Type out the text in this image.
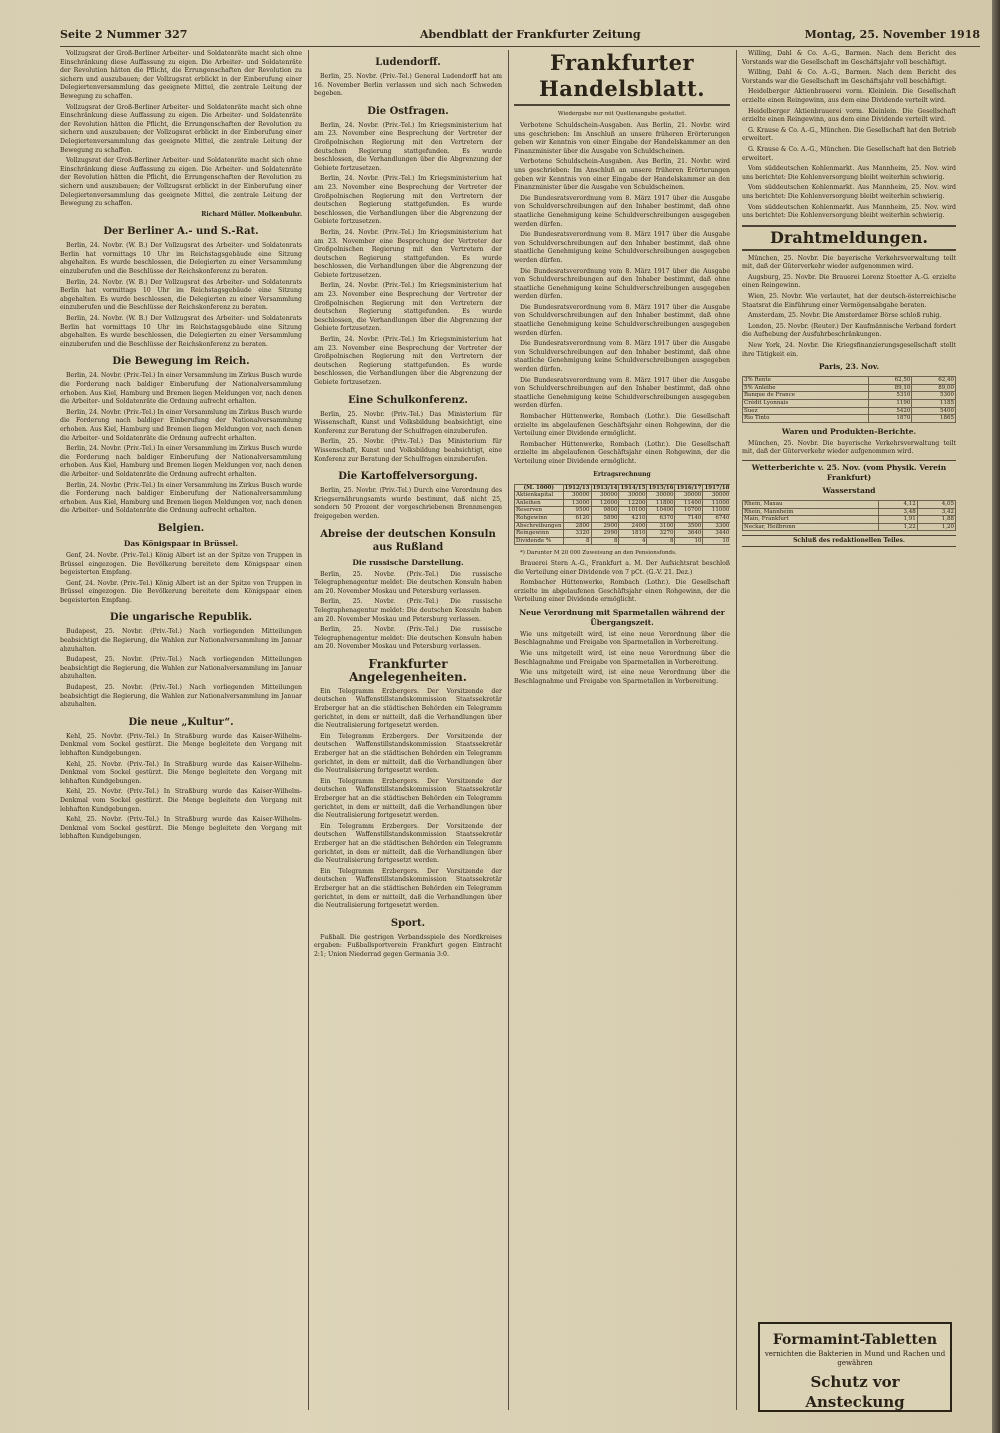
Seite 2 Nummer 327	Abendblatt der Frankfurter Zeitung	Montag, 25. November 1918

Vollzugsrat der Groß-Berliner Arbeiter- und Soldatenräte macht sich ohne Einschränkung diese Auffassung zu eigen. Die Arbeiter- und Soldatenräte der Revolution hätten die Pflicht, die Errungenschaften der Revolution zu sichern und auszubauen; der Vollzugsrat erblickt in der Einberufung einer Delegiertenversammlung das geeignete Mittel, die zentrale Leitung der Bewegung zu schaffen.

Vollzugsrat der Groß-Berliner Arbeiter- und Soldatenräte macht sich ohne Einschränkung diese Auffassung zu eigen. Die Arbeiter- und Soldatenräte der Revolution hätten die Pflicht, die Errungenschaften der Revolution zu sichern und auszubauen; der Vollzugsrat erblickt in der Einberufung einer Delegiertenversammlung das geeignete Mittel, die zentrale Leitung der Bewegung zu schaffen.

Vollzugsrat der Groß-Berliner Arbeiter- und Soldatenräte macht sich ohne Einschränkung diese Auffassung zu eigen. Die Arbeiter- und Soldatenräte der Revolution hätten die Pflicht, die Errungenschaften der Revolution zu sichern und auszubauen; der Vollzugsrat erblickt in der Einberufung einer Delegiertenversammlung das geeignete Mittel, die zentrale Leitung der Bewegung zu schaffen.

Richard Müller. Molkenbuhr.

Der Berliner A.- und S.-Rat.

Berlin, 24. Novbr. (W. B.) Der Vollzugsrat des Arbeiter- und Soldatenrats Berlin hat vormittags 10 Uhr im Reichstagsgebäude eine Sitzung abgehalten. Es wurde beschlossen, die Delegierten zu einer Versammlung einzuberufen und die Beschlüsse der Reichskonferenz zu beraten.

Berlin, 24. Novbr. (W. B.) Der Vollzugsrat des Arbeiter- und Soldatenrats Berlin hat vormittags 10 Uhr im Reichstagsgebäude eine Sitzung abgehalten. Es wurde beschlossen, die Delegierten zu einer Versammlung einzuberufen und die Beschlüsse der Reichskonferenz zu beraten.

Berlin, 24. Novbr. (W. B.) Der Vollzugsrat des Arbeiter- und Soldatenrats Berlin hat vormittags 10 Uhr im Reichstagsgebäude eine Sitzung abgehalten. Es wurde beschlossen, die Delegierten zu einer Versammlung einzuberufen und die Beschlüsse der Reichskonferenz zu beraten.

Die Bewegung im Reich.

Berlin, 24. Novbr. (Priv.-Tel.) In einer Versammlung im Zirkus Busch wurde die Forderung nach baldiger Einberufung der Nationalversammlung erhoben. Aus Kiel, Hamburg und Bremen liegen Meldungen vor, nach denen die Arbeiter- und Soldatenräte die Ordnung aufrecht erhalten.

Berlin, 24. Novbr. (Priv.-Tel.) In einer Versammlung im Zirkus Busch wurde die Forderung nach baldiger Einberufung der Nationalversammlung erhoben. Aus Kiel, Hamburg und Bremen liegen Meldungen vor, nach denen die Arbeiter- und Soldatenräte die Ordnung aufrecht erhalten.

Berlin, 24. Novbr. (Priv.-Tel.) In einer Versammlung im Zirkus Busch wurde die Forderung nach baldiger Einberufung der Nationalversammlung erhoben. Aus Kiel, Hamburg und Bremen liegen Meldungen vor, nach denen die Arbeiter- und Soldatenräte die Ordnung aufrecht erhalten.

Berlin, 24. Novbr. (Priv.-Tel.) In einer Versammlung im Zirkus Busch wurde die Forderung nach baldiger Einberufung der Nationalversammlung erhoben. Aus Kiel, Hamburg und Bremen liegen Meldungen vor, nach denen die Arbeiter- und Soldatenräte die Ordnung aufrecht erhalten.

Belgien.
Das Königspaar in Brüssel.

Genf, 24. Novbr. (Priv.-Tel.) König Albert ist an der Spitze von Truppen in Brüssel eingezogen. Die Bevölkerung bereitete dem Königspaar einen begeisterten Empfang.

Genf, 24. Novbr. (Priv.-Tel.) König Albert ist an der Spitze von Truppen in Brüssel eingezogen. Die Bevölkerung bereitete dem Königspaar einen begeisterten Empfang.

Die ungarische Republik.

Budapest, 25. Novbr. (Priv.-Tel.) Nach vorliegenden Mitteilungen beabsichtigt die Regierung, die Wahlen zur Nationalversammlung im Januar abzuhalten.

Budapest, 25. Novbr. (Priv.-Tel.) Nach vorliegenden Mitteilungen beabsichtigt die Regierung, die Wahlen zur Nationalversammlung im Januar abzuhalten.

Budapest, 25. Novbr. (Priv.-Tel.) Nach vorliegenden Mitteilungen beabsichtigt die Regierung, die Wahlen zur Nationalversammlung im Januar abzuhalten.

Die neue „Kultur“.

Kehl, 25. Novbr. (Priv.-Tel.) In Straßburg wurde das Kaiser-Wilhelm-Denkmal vom Sockel gestürzt. Die Menge begleitete den Vorgang mit lebhaften Kundgebungen.

Kehl, 25. Novbr. (Priv.-Tel.) In Straßburg wurde das Kaiser-Wilhelm-Denkmal vom Sockel gestürzt. Die Menge begleitete den Vorgang mit lebhaften Kundgebungen.

Kehl, 25. Novbr. (Priv.-Tel.) In Straßburg wurde das Kaiser-Wilhelm-Denkmal vom Sockel gestürzt. Die Menge begleitete den Vorgang mit lebhaften Kundgebungen.

Kehl, 25. Novbr. (Priv.-Tel.) In Straßburg wurde das Kaiser-Wilhelm-Denkmal vom Sockel gestürzt. Die Menge begleitete den Vorgang mit lebhaften Kundgebungen.

Ludendorff.

Berlin, 25. Novbr. (Priv.-Tel.) General Ludendorff hat am 16. November Berlin verlassen und sich nach Schweden begeben.

Die Ostfragen.

Berlin, 24. Novbr. (Priv.-Tel.) Im Kriegsministerium hat am 23. November eine Besprechung der Vertreter der Großpolnischen Regierung mit den Vertretern der deutschen Regierung stattgefunden. Es wurde beschlossen, die Verhandlungen über die Abgrenzung der Gebiete fortzusetzen.

Berlin, 24. Novbr. (Priv.-Tel.) Im Kriegsministerium hat am 23. November eine Besprechung der Vertreter der Großpolnischen Regierung mit den Vertretern der deutschen Regierung stattgefunden. Es wurde beschlossen, die Verhandlungen über die Abgrenzung der Gebiete fortzusetzen.

Berlin, 24. Novbr. (Priv.-Tel.) Im Kriegsministerium hat am 23. November eine Besprechung der Vertreter der Großpolnischen Regierung mit den Vertretern der deutschen Regierung stattgefunden. Es wurde beschlossen, die Verhandlungen über die Abgrenzung der Gebiete fortzusetzen.

Berlin, 24. Novbr. (Priv.-Tel.) Im Kriegsministerium hat am 23. November eine Besprechung der Vertreter der Großpolnischen Regierung mit den Vertretern der deutschen Regierung stattgefunden. Es wurde beschlossen, die Verhandlungen über die Abgrenzung der Gebiete fortzusetzen.

Berlin, 24. Novbr. (Priv.-Tel.) Im Kriegsministerium hat am 23. November eine Besprechung der Vertreter der Großpolnischen Regierung mit den Vertretern der deutschen Regierung stattgefunden. Es wurde beschlossen, die Verhandlungen über die Abgrenzung der Gebiete fortzusetzen.

Eine Schulkonferenz.

Berlin, 25. Novbr. (Priv.-Tel.) Das Ministerium für Wissenschaft, Kunst und Volksbildung beabsichtigt, eine Konferenz zur Beratung der Schulfragen einzuberufen.

Berlin, 25. Novbr. (Priv.-Tel.) Das Ministerium für Wissenschaft, Kunst und Volksbildung beabsichtigt, eine Konferenz zur Beratung der Schulfragen einzuberufen.

Die Kartoffelversorgung.

Berlin, 25. Novbr. (Priv.-Tel.) Durch eine Verordnung des Kriegsernährungsamts wurde bestimmt, daß nicht 25, sondern 50 Prozent der vorgeschriebenen Brennmengen freigegeben werden.

Abreise der deutschen Konsuln aus Rußland
Die russische Darstellung.

Berlin, 25. Novbr. (Priv.-Tel.) Die russische Telegraphenagentur meldet: Die deutschen Konsuln haben am 20. November Moskau und Petersburg verlassen.

Berlin, 25. Novbr. (Priv.-Tel.) Die russische Telegraphenagentur meldet: Die deutschen Konsuln haben am 20. November Moskau und Petersburg verlassen.

Berlin, 25. Novbr. (Priv.-Tel.) Die russische Telegraphenagentur meldet: Die deutschen Konsuln haben am 20. November Moskau und Petersburg verlassen.

Frankfurter Angelegenheiten.

Ein Telegramm Erzbergers. Der Vorsitzende der deutschen Waffenstillstandskommission Staatssekretär Erzberger hat an die städtischen Behörden ein Telegramm gerichtet, in dem er mitteilt, daß die Verhandlungen über die Neutralisierung fortgesetzt werden.

Ein Telegramm Erzbergers. Der Vorsitzende der deutschen Waffenstillstandskommission Staatssekretär Erzberger hat an die städtischen Behörden ein Telegramm gerichtet, in dem er mitteilt, daß die Verhandlungen über die Neutralisierung fortgesetzt werden.

Ein Telegramm Erzbergers. Der Vorsitzende der deutschen Waffenstillstandskommission Staatssekretär Erzberger hat an die städtischen Behörden ein Telegramm gerichtet, in dem er mitteilt, daß die Verhandlungen über die Neutralisierung fortgesetzt werden.

Ein Telegramm Erzbergers. Der Vorsitzende der deutschen Waffenstillstandskommission Staatssekretär Erzberger hat an die städtischen Behörden ein Telegramm gerichtet, in dem er mitteilt, daß die Verhandlungen über die Neutralisierung fortgesetzt werden.

Ein Telegramm Erzbergers. Der Vorsitzende der deutschen Waffenstillstandskommission Staatssekretär Erzberger hat an die städtischen Behörden ein Telegramm gerichtet, in dem er mitteilt, daß die Verhandlungen über die Neutralisierung fortgesetzt werden.

Sport.

Fußball. Die gestrigen Verbandsspiele des Nordkreises ergaben: Fußballsportverein Frankfurt gegen Eintracht 2:1; Union Niederrad gegen Germania 3:0.

Frankfurter Handelsblatt.
Wiedergabe nur mit Quellenangabe gestattet.

Verbotene Schuldschein-Ausgaben. Aus Berlin, 21. Novbr. wird uns geschrieben: Im Anschluß an unsere früheren Erörterungen geben wir Kenntnis von einer Eingabe der Handelskammer an den Finanzminister über die Ausgabe von Schuldscheinen.

Verbotene Schuldschein-Ausgaben. Aus Berlin, 21. Novbr. wird uns geschrieben: Im Anschluß an unsere früheren Erörterungen geben wir Kenntnis von einer Eingabe der Handelskammer an den Finanzminister über die Ausgabe von Schuldscheinen.

Die Bundesratsverordnung vom 8. März 1917 über die Ausgabe von Schuldverschreibungen auf den Inhaber bestimmt, daß ohne staatliche Genehmigung keine Schuldverschreibungen ausgegeben werden dürfen.

Die Bundesratsverordnung vom 8. März 1917 über die Ausgabe von Schuldverschreibungen auf den Inhaber bestimmt, daß ohne staatliche Genehmigung keine Schuldverschreibungen ausgegeben werden dürfen.

Die Bundesratsverordnung vom 8. März 1917 über die Ausgabe von Schuldverschreibungen auf den Inhaber bestimmt, daß ohne staatliche Genehmigung keine Schuldverschreibungen ausgegeben werden dürfen.

Die Bundesratsverordnung vom 8. März 1917 über die Ausgabe von Schuldverschreibungen auf den Inhaber bestimmt, daß ohne staatliche Genehmigung keine Schuldverschreibungen ausgegeben werden dürfen.

Die Bundesratsverordnung vom 8. März 1917 über die Ausgabe von Schuldverschreibungen auf den Inhaber bestimmt, daß ohne staatliche Genehmigung keine Schuldverschreibungen ausgegeben werden dürfen.

Die Bundesratsverordnung vom 8. März 1917 über die Ausgabe von Schuldverschreibungen auf den Inhaber bestimmt, daß ohne staatliche Genehmigung keine Schuldverschreibungen ausgegeben werden dürfen.

Rombacher Hüttenwerke, Rombach (Lothr.). Die Gesellschaft erzielte im abgelaufenen Geschäftsjahr einen Rohgewinn, der die Verteilung einer Dividende ermöglicht.

Rombacher Hüttenwerke, Rombach (Lothr.). Die Gesellschaft erzielte im abgelaufenen Geschäftsjahr einen Rohgewinn, der die Verteilung einer Dividende ermöglicht.

Ertragsrechnung
(M. 1000)	1912/13	1913/14	1914/15	1915/16	1916/17	1917/18
Aktienkapital	30000	30000	30000	30000	30000	30000
Anleihen	13000	12600	12200	11800	11400	11000
Reserven	9500	9800	10100	10400	10700	11000
Rohgewinn	6120	5890	4210	6370	7140	6740
Abschreibungen	2800	2900	2400	3100	3500	3300
Reingewinn	3320	2990	1810	3270	3640	3440
Dividende %	8	8	4	8	10	10

*) Darunter M 20 000 Zuweisung an den Pensionsfonds.

Brauerei Stern A.-G., Frankfurt a. M. Der Aufsichtsrat beschloß die Verteilung einer Dividende von 7 pCt. (G.-V. 21. Dez.)

Rombacher Hüttenwerke, Rombach (Lothr.). Die Gesellschaft erzielte im abgelaufenen Geschäftsjahr einen Rohgewinn, der die Verteilung einer Dividende ermöglicht.

Neue Verordnung mit Sparmetallen während der Übergangszeit.

Wie uns mitgeteilt wird, ist eine neue Verordnung über die Beschlagnahme und Freigabe von Sparmetallen in Vorbereitung.

Wie uns mitgeteilt wird, ist eine neue Verordnung über die Beschlagnahme und Freigabe von Sparmetallen in Vorbereitung.

Wie uns mitgeteilt wird, ist eine neue Verordnung über die Beschlagnahme und Freigabe von Sparmetallen in Vorbereitung.

Willing, Dahl & Co. A.-G., Barmen. Nach dem Bericht des Vorstands war die Gesellschaft im Geschäftsjahr voll beschäftigt.

Willing, Dahl & Co. A.-G., Barmen. Nach dem Bericht des Vorstands war die Gesellschaft im Geschäftsjahr voll beschäftigt.

Heidelberger Aktienbrauerei vorm. Kleinlein. Die Gesellschaft erzielte einen Reingewinn, aus dem eine Dividende verteilt wird.

Heidelberger Aktienbrauerei vorm. Kleinlein. Die Gesellschaft erzielte einen Reingewinn, aus dem eine Dividende verteilt wird.

G. Krause & Co. A.-G., München. Die Gesellschaft hat den Betrieb erweitert.

G. Krause & Co. A.-G., München. Die Gesellschaft hat den Betrieb erweitert.

Vom süddeutschen Kohlenmarkt. Aus Mannheim, 25. Nov. wird uns berichtet: Die Kohlenversorgung bleibt weiterhin schwierig.

Vom süddeutschen Kohlenmarkt. Aus Mannheim, 25. Nov. wird uns berichtet: Die Kohlenversorgung bleibt weiterhin schwierig.

Vom süddeutschen Kohlenmarkt. Aus Mannheim, 25. Nov. wird uns berichtet: Die Kohlenversorgung bleibt weiterhin schwierig.

Drahtmeldungen.

München, 25. Novbr. Die bayerische Verkehrsverwaltung teilt mit, daß der Güterverkehr wieder aufgenommen wird.

Augsburg, 25. Novbr. Die Brauerei Lorenz Stoetter A.-G. erzielte einen Reingewinn.

Wien, 25. Novbr. Wie verlautet, hat der deutsch-österreichische Staatsrat die Einführung einer Vermögensabgabe beraten.

Amsterdam, 25. Novbr. Die Amsterdamer Börse schloß ruhig.

London, 25. Novbr. (Reuter.) Der Kaufmännische Verband fordert die Aufhebung der Ausfuhrbeschränkungen.

New York, 24. Novbr. Die Kriegsfinanzierungsgesellschaft stellt ihre Tätigkeit ein.

Paris, 23. Nov.
3% Rente	62,50	62,40
5% Anleihe	89,10	89,00
Banque de France	5310	5300
Crédit Lyonnais	1190	1185
Suez	5420	5400
Rio Tinto	1870	1865
Waren und Produkten-Berichte.

München, 25. Novbr. Die bayerische Verkehrsverwaltung teilt mit, daß der Güterverkehr wieder aufgenommen wird.

Wetterberichte v. 25. Nov. (vom Physik. Verein Frankfurt)
Wasserstand
Rhein, Maxau	4,12	4,05
Rhein, Mannheim	3,48	3,42
Main, Frankfurt	1,91	1,88
Neckar, Heilbronn	1,22	1,20
Schluß des redaktionellen Teiles.
Formamint-Tabletten
vernichten die Bakterien in Mund und Rachen und gewähren
Schutz vor Ansteckung
